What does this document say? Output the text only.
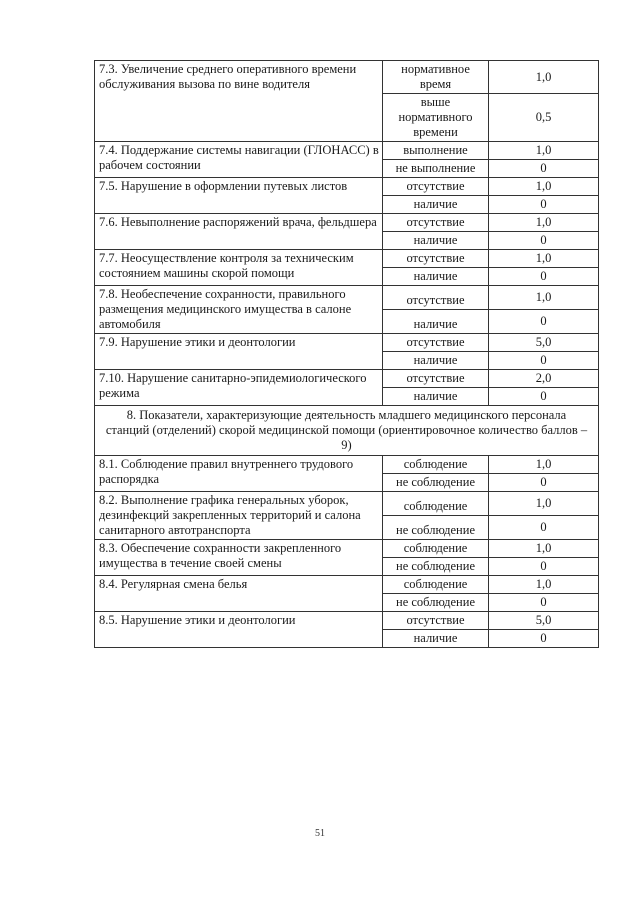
7.3. Увеличение среднего оперативного времени обслуживания вызова по вине водителя	нормативное время	1,0
	выше нормативного времени	0,5
7.4. Поддержание системы навигации (ГЛОНАСС) в рабочем состоянии	выполнение	1,0
	не выполнение	0
7.5. Нарушение в оформлении путевых листов	отсутствие	1,0
	наличие	0
7.6. Невыполнение распоряжений врача, фельдшера	отсутствие	1,0
	наличие	0
7.7. Неосуществление контроля за техническим состоянием машины скорой помощи	отсутствие	1,0
	наличие	0
7.8. Необеспечение сохранности, правильного размещения медицинского имущества в салоне автомобиля	отсутствие	1,0
	наличие	0
7.9. Нарушение этики и деонтологии	отсутствие	5,0
	наличие	0
7.10. Нарушение санитарно-эпидемиологического режима	отсутствие	2,0
	наличие	0
8. Показатели, характеризующие деятельность младшего медицинского персонала станций (отделений) скорой медицинской помощи (ориентировочное количество баллов – 9)		
8.1. Соблюдение правил внутреннего трудового распорядка	соблюдение	1,0
	не соблюдение	0
8.2. Выполнение графика генеральных уборок, дезинфекций закрепленных территорий и салона санитарного автотранспорта	соблюдение	1,0
	не соблюдение	0
8.3. Обеспечение сохранности закрепленного имущества в течение своей смены	соблюдение	1,0
	не соблюдение	0
8.4. Регулярная смена белья	соблюдение	1,0
	не соблюдение	0
8.5. Нарушение этики и деонтологии	отсутствие	5,0
	наличие	0
51
